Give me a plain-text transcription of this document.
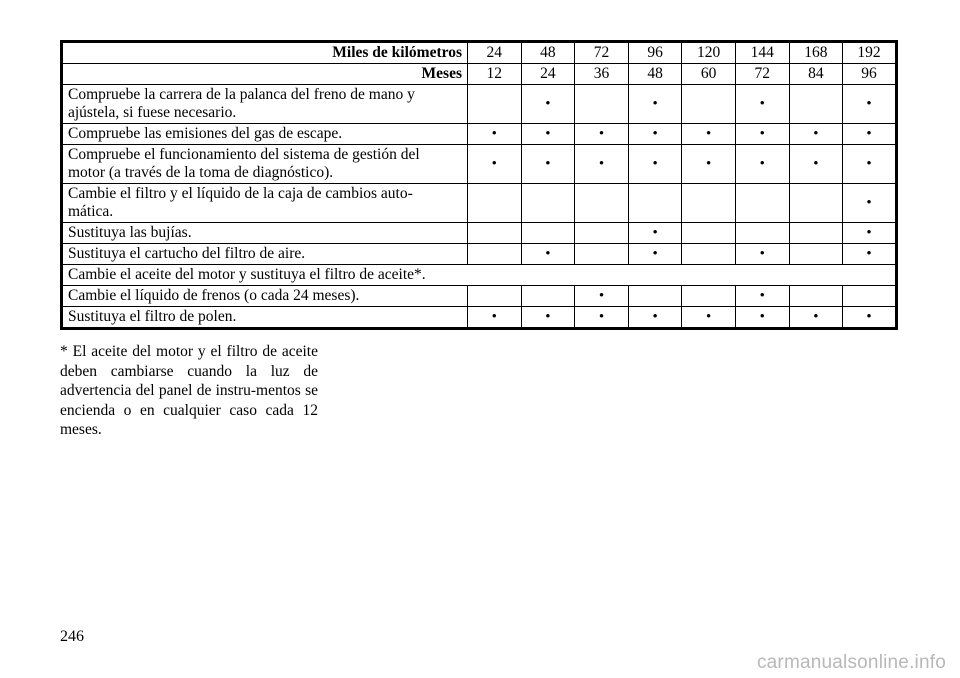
Miles de kilómetros	24	48	72	96	120	144	168	192
Meses	12	24	36	48	60	72	84	96
Compruebe la carrera de la palanca del freno de mano y
ajústela, si fuese necesario.		•		•		•		•
Compruebe las emisiones del gas de escape.	•	•	•	•	•	•	•	•
Compruebe el funcionamiento del sistema de gestión del
motor (a través de la toma de diagnóstico).	•	•	•	•	•	•	•	•
Cambie el filtro y el líquido de la caja de cambios auto-
mática.								•
Sustituya las bujías.				•				•
Sustituya el cartucho del filtro de aire.		•		•		•		•
Cambie el aceite del motor y sustituya el filtro de aceite*.								
Cambie el líquido de frenos (o cada 24 meses).			•			•		
Sustituya el filtro de polen.	•	•	•	•	•	•	•	•

* El aceite del motor y el filtro de aceite deben cambiarse cuando la luz de advertencia del panel de instru-mentos se encienda o en cualquier caso cada 12 meses.

246

carmanualsonline.info
